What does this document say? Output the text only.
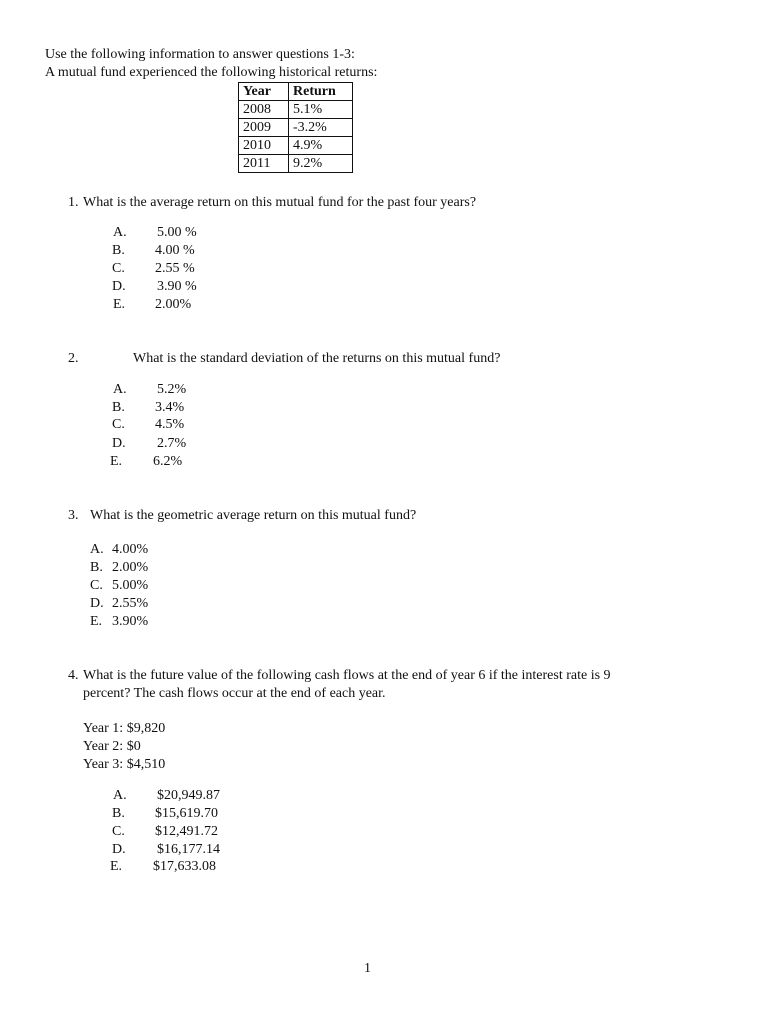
Use the following information to answer questions 1-3:
A mutual fund experienced the following historical returns:
Year	Return
2008	5.1%
2009	-3.2%
2010	4.9%
2011	9.2%
1. What is the average return on this mutual fund for the past four years?
A. 5.00 %
B. 4.00 %
C. 2.55 %
D. 3.90 %
E. 2.00%
2.	What is the standard deviation of the returns on this mutual fund?
A. 5.2%
B. 3.4%
C. 4.5%
D. 2.7%
E. 6.2%
3. What is the geometric average return on this mutual fund?
A. 4.00%
B. 2.00%
C. 5.00%
D. 2.55%
E. 3.90%
4. What is the future value of the following cash flows at the end of year 6 if the interest rate is 9
percent? The cash flows occur at the end of each year.
Year 1: $9,820
Year 2: $0
Year 3: $4,510
A. $20,949.87
B. $15,619.70
C. $12,491.72
D. $16,177.14
E. $17,633.08
1
